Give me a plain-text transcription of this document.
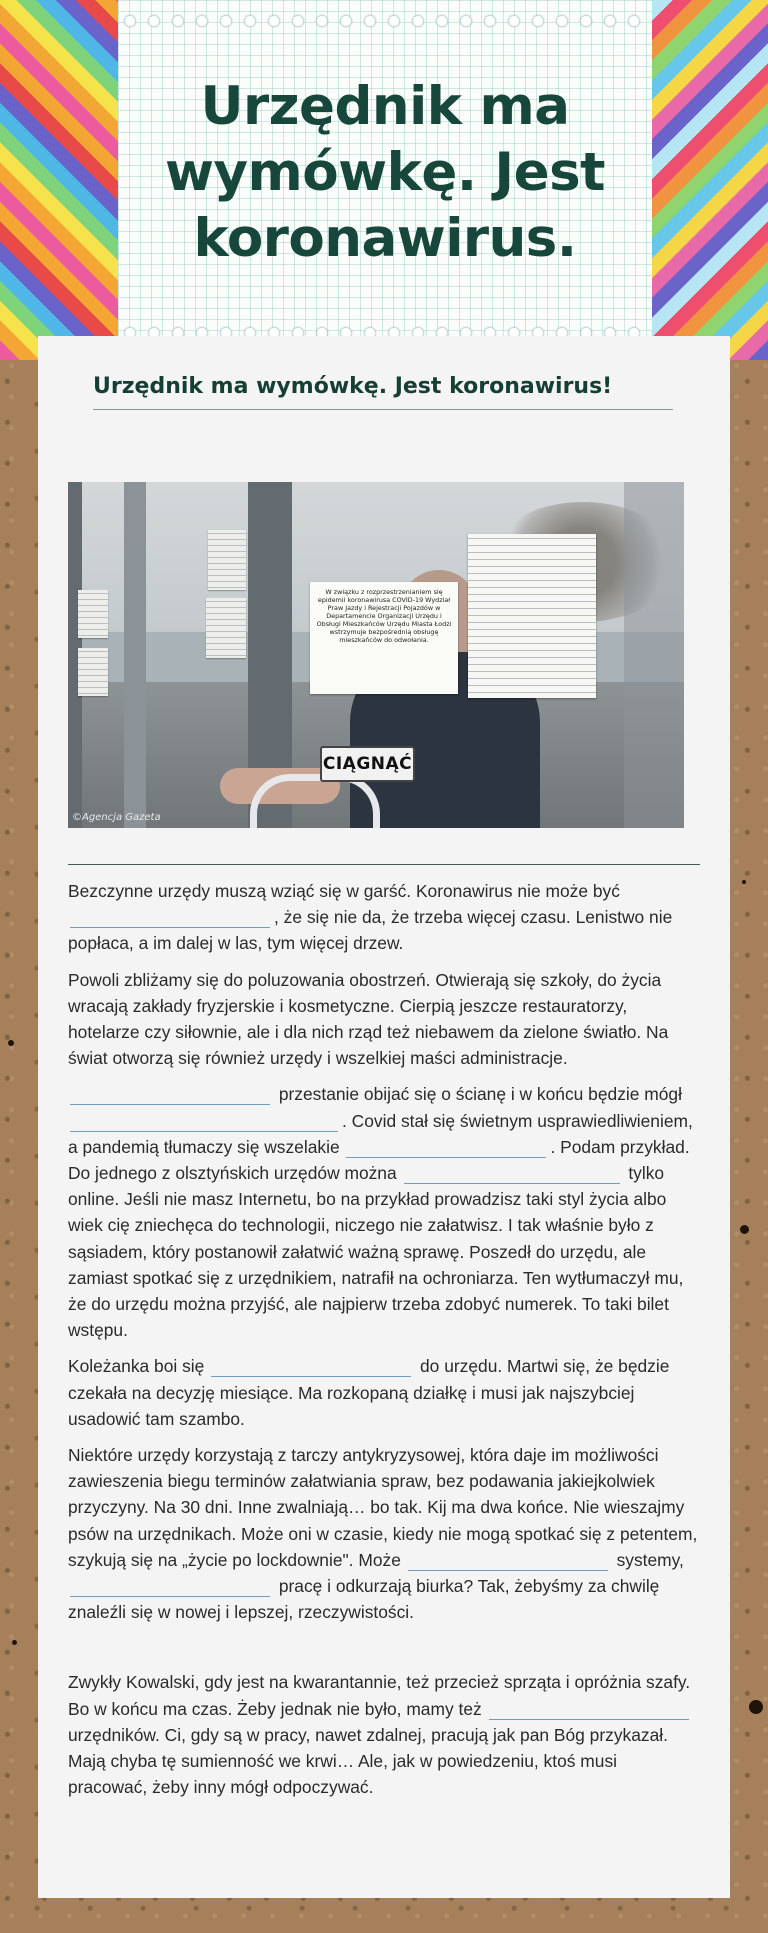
Urzędnik ma wymówkę. Jest koronawirus.
Urzędnik ma wymówkę. Jest koronawirus!
W związku z rozprzestrzenianiem się epidemii koronawirusa COVID-19 Wydział Praw Jazdy i Rejestracji Pojazdów w Departamencie Organizacji Urzędu i Obsługi Mieszkańców Urzędu Miasta Łodzi wstrzymuje bezpośrednią obsługę mieszkańców do odwołania.
CIĄGNĄĆ
©Agencja Gazeta

Bezczynne urzędy muszą wziąć się w garść. Koronawirus nie może być , że się nie da, że trzeba więcej czasu. Lenistwo nie popłaca, a im dalej w las, tym więcej drzew.

Powoli zbliżamy się do poluzowania obostrzeń. Otwierają się szkoły, do życia wracają zakłady fryzjerskie i kosmetyczne. Cierpią jeszcze restauratorzy, hotelarze czy siłownie, ale i dla nich rząd też niebawem da zielone światło. Na świat otworzą się również urzędy i wszelkiej maści administracje.

przestanie obijać się o ścianę i w końcu będzie mógł . Covid stał się świetnym usprawiedliwieniem, a pandemią tłumaczy się wszelakie	. Podam przykład. Do jednego z olsztyńskich urzędów można	tylko online. Jeśli nie masz Internetu, bo na przykład prowadzisz taki styl życia albo wiek cię zniechęca do technologii, niczego nie załatwisz. I tak właśnie było z sąsiadem, który postanowił załatwić ważną sprawę. Poszedł do urzędu, ale zamiast spotkać się z urzędnikiem, natrafił na ochroniarza. Ten wytłumaczył mu, że do urzędu można przyjść, ale najpierw trzeba zdobyć numerek. To taki bilet wstępu.

Koleżanka boi się	do urzędu. Martwi się, że będzie czekała na decyzję miesiące. Ma rozkopaną działkę i musi jak najszybciej usadowić tam szambo.

Niektóre urzędy korzystają z tarczy antykryzysowej, która daje im możliwości zawieszenia biegu terminów załatwiania spraw, bez podawania jakiejkolwiek przyczyny. Na 30 dni. Inne zwalniają… bo tak. Kij ma dwa końce. Nie wieszajmy psów na urzędnikach. Może oni w czasie, kiedy nie mogą spotkać się z petentem, szykują się na „życie po lockdownie". Może	systemy,  pracę i odkurzają biurka? Tak, żebyśmy za chwilę znaleźli się w nowej i lepszej, rzeczywistości.

Zwykły Kowalski, gdy jest na kwarantannie, też przecież sprząta i opróżnia szafy. Bo w końcu ma czas. Żeby jednak nie było, mamy też  urzędników. Ci, gdy są w pracy, nawet zdalnej, pracują jak pan Bóg przykazał. Mają chyba tę sumienność we krwi… Ale, jak w powiedzeniu, ktoś musi pracować, żeby inny mógł odpoczywać.
